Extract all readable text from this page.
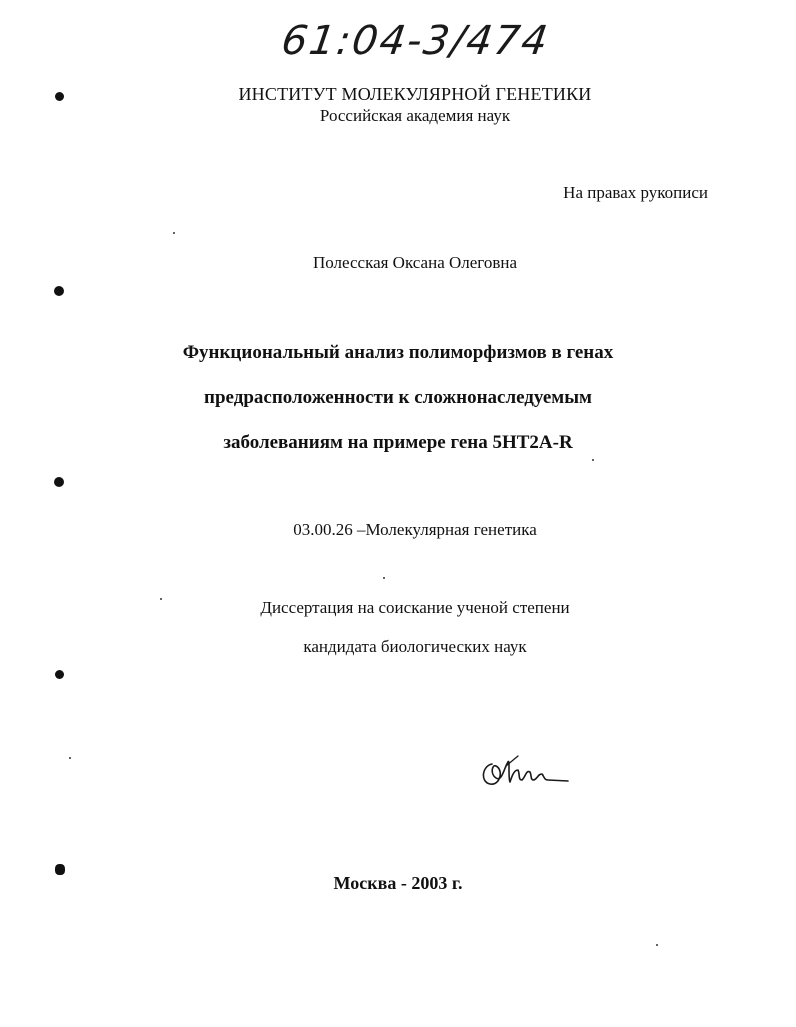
61:04-3/474
ИНСТИТУТ МОЛЕКУЛЯРНОЙ ГЕНЕТИКИ
Российская академия наук
На правах рукописи
Полесская Оксана Олеговна
Функциональный анализ полиморфизмов в генах
предрасположенности к сложнонаследуемым
заболеваниям на примере гена 5HT2A-R
03.00.26 –Молекулярная генетика
Диссертация на соискание ученой степени
кандидата биологических наук
Москва - 2003 г.
